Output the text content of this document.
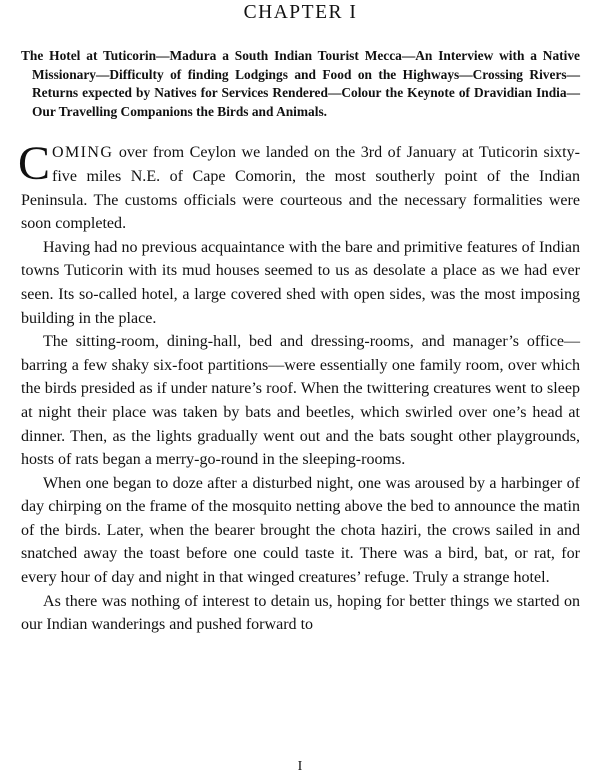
CHAPTER I

The Hotel at Tuticorin—Madura a South Indian Tourist Mecca—An Interview with a Native Missionary—Difficulty of finding Lodgings and Food on the Highways—Crossing Rivers—Returns expected by Natives for Services Rendered—Colour the Keynote of Dravidian India—Our Travelling Companions the Birds and Animals.

COMING over from Ceylon we landed on the 3rd of January at Tuticorin sixty-five miles N.E. of Cape Comorin, the most southerly point of the Indian Peninsula. The customs officials were courteous and the necessary formalities were soon completed.

Having had no previous acquaintance with the bare and primitive features of Indian towns Tuticorin with its mud houses seemed to us as desolate a place as we had ever seen. Its so-called hotel, a large covered shed with open sides, was the most imposing building in the place.

The sitting-room, dining-hall, bed and dressing-rooms, and manager’s office—barring a few shaky six-foot partitions—were essentially one family room, over which the birds presided as if under nature’s roof. When the twittering creatures went to sleep at night their place was taken by bats and beetles, which swirled over one’s head at dinner. Then, as the lights gradually went out and the bats sought other playgrounds, hosts of rats began a merry-go-round in the sleeping-rooms.

When one began to doze after a disturbed night, one was aroused by a harbinger of day chirping on the frame of the mosquito netting above the bed to announce the matin of the birds. Later, when the bearer brought the chota haziri, the crows sailed in and snatched away the toast before one could taste it. There was a bird, bat, or rat, for every hour of day and night in that winged creatures’ refuge. Truly a strange hotel.

As there was nothing of interest to detain us, hoping for better things we started on our Indian wanderings and pushed forward to

I
